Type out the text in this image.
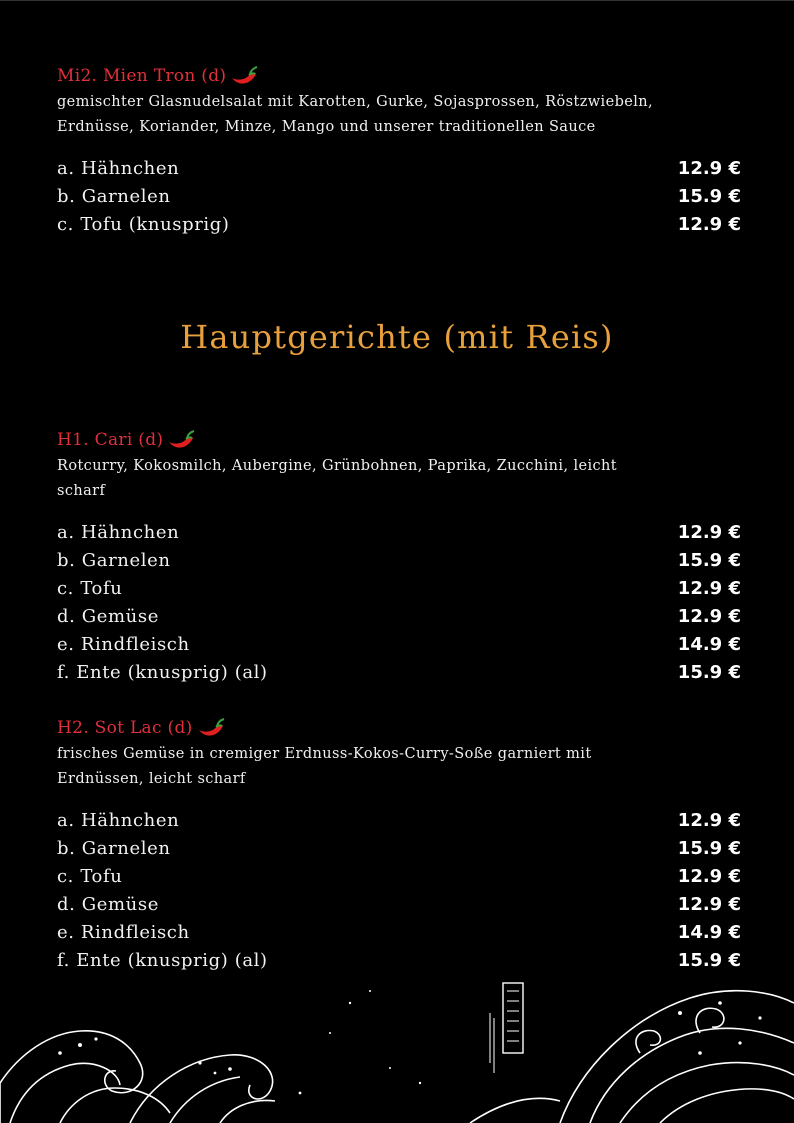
Mi2. Mien Tron (d)
gemischter Glasnudelsalat mit Karotten, Gurke, Sojasprossen, Röstzwiebeln, Erdnüsse, Koriander, Minze, Mango und unserer traditionellen Sauce
a. Hähnchen	12.9 €
b. Garnelen	15.9 €
c. Tofu (knusprig)	12.9 €
Hauptgerichte (mit Reis)
H1. Cari (d)
Rotcurry, Kokosmilch, Aubergine, Grünbohnen, Paprika, Zucchini, leicht scharf
a. Hähnchen	12.9 €
b. Garnelen	15.9 €
c. Tofu	12.9 €
d. Gemüse	12.9 €
e. Rindfleisch	14.9 €
f. Ente (knusprig) (al)	15.9 €
H2. Sot Lac (d)
frisches Gemüse in cremiger Erdnuss-Kokos-Curry-Soße garniert mit Erdnüssen, leicht scharf
a. Hähnchen	12.9 €
b. Garnelen	15.9 €
c. Tofu	12.9 €
d. Gemüse	12.9 €
e. Rindfleisch	14.9 €
f. Ente (knusprig) (al)	15.9 €
